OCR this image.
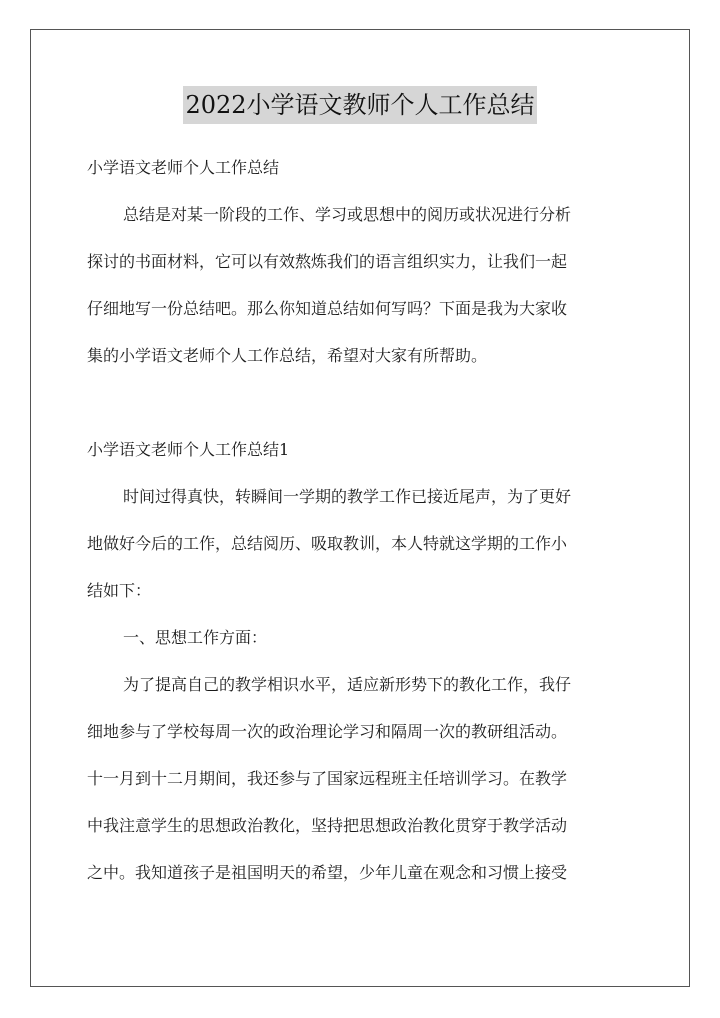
2022小学语文教师个人工作总结
小学语文老师个人工作总结
总结是对某一阶段的工作、学习或思想中的阅历或状况进行分析
探讨的书面材料，它可以有效熬炼我们的语言组织实力，让我们一起
仔细地写一份总结吧。那么你知道总结如何写吗？下面是我为大家收
集的小学语文老师个人工作总结，希望对大家有所帮助。
小学语文老师个人工作总结1
时间过得真快，转瞬间一学期的教学工作已接近尾声，为了更好
地做好今后的工作，总结阅历、吸取教训，本人特就这学期的工作小
结如下：
一、思想工作方面：
为了提高自己的教学相识水平，适应新形势下的教化工作，我仔
细地参与了学校每周一次的政治理论学习和隔周一次的教研组活动。
十一月到十二月期间，我还参与了国家远程班主任培训学习。在教学
中我注意学生的思想政治教化，坚持把思想政治教化贯穿于教学活动
之中。我知道孩子是祖国明天的希望，少年儿童在观念和习惯上接受
